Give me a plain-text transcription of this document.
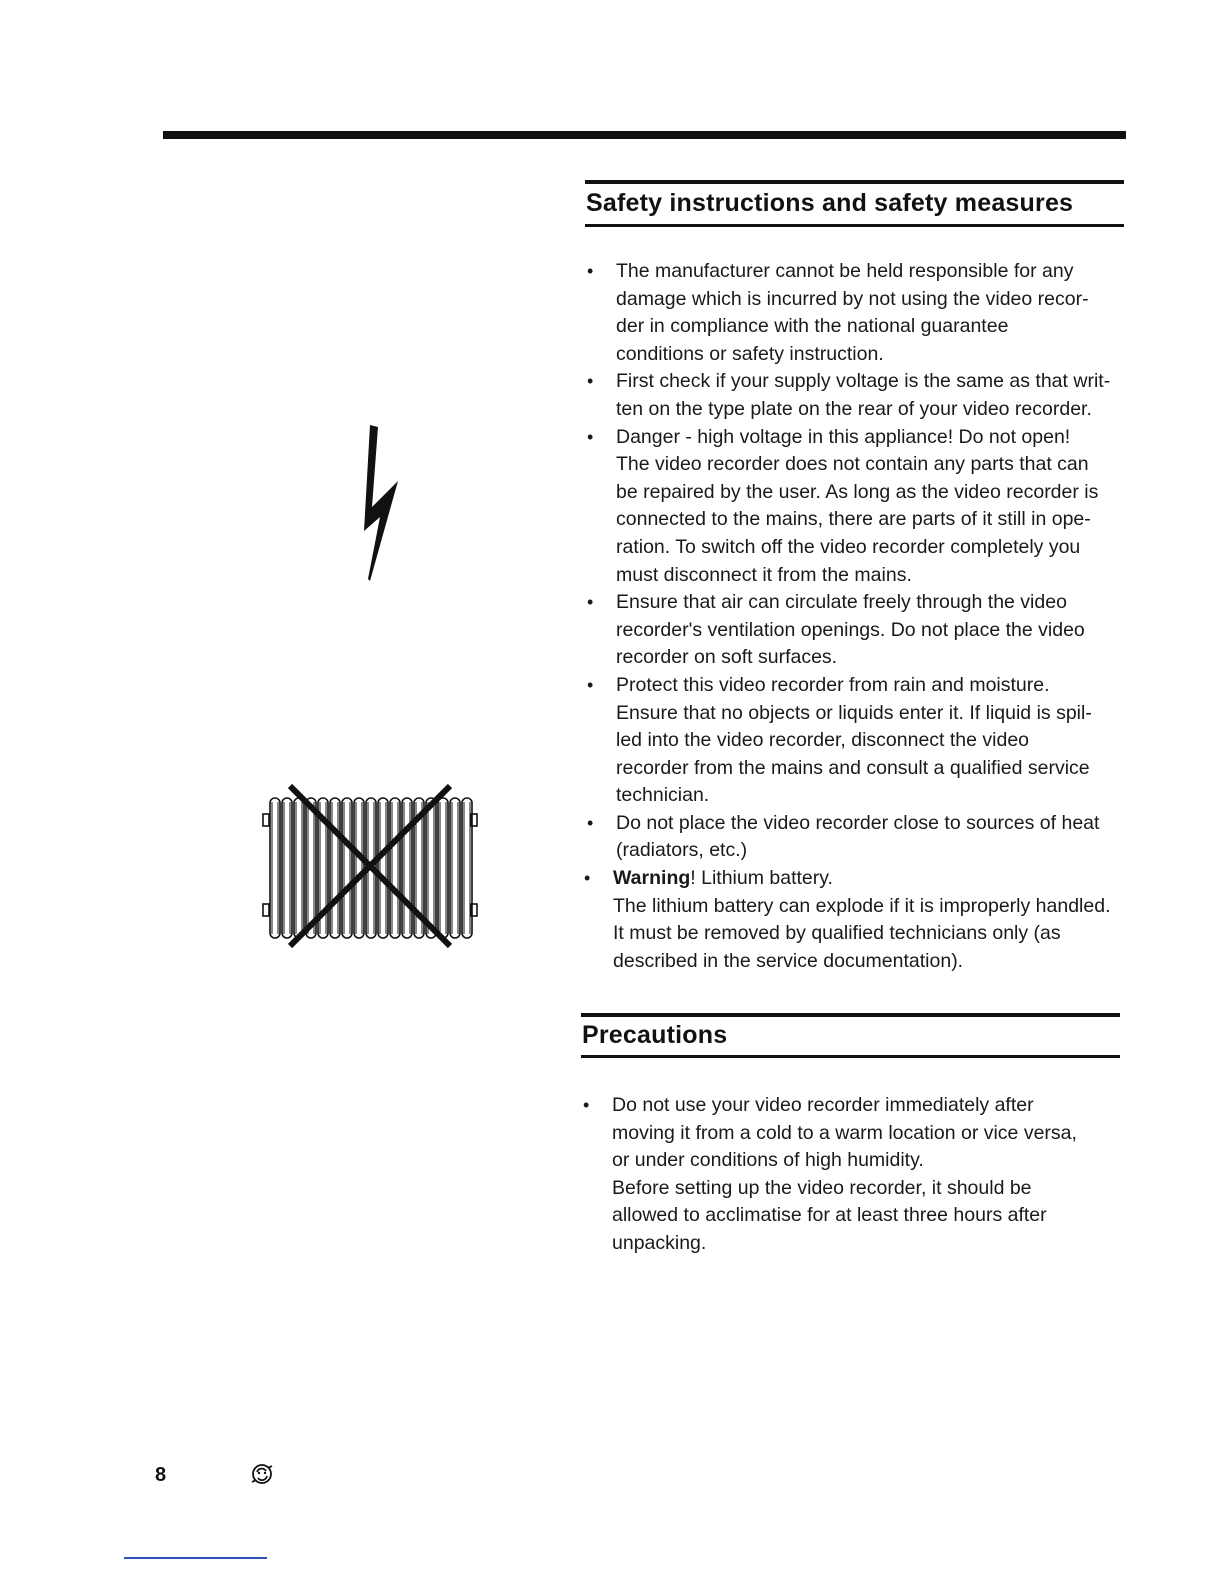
Safety instructions and safety measures
• The manufacturer cannot be held responsible for any

damage which is incurred by not using the video recor-

der in compliance with the national guarantee

conditions or safety instruction.

• First check if your supply voltage is the same as that writ-

ten on the type plate on the rear of your video recorder.

• Danger - high voltage in this appliance! Do not open!

The video recorder does not contain any parts that can

be repaired by the user. As long as the video recorder is

connected to the mains, there are parts of it still in ope-

ration. To switch off the video recorder completely you

must disconnect it from the mains.

• Ensure that air can circulate freely through the video

recorder's ventilation openings. Do not place the video

recorder on soft surfaces.

• Protect this video recorder from rain and moisture.

Ensure that no objects or liquids enter it. If liquid is spil-

led into the video recorder, disconnect the video

recorder from the mains and consult a qualified service

technician.

• Do not place the video recorder close to sources of heat

(radiators, etc.)

• Warning! Lithium battery.

The lithium battery can explode if it is improperly handled.

It must be removed by qualified technicians only (as

described in the service documentation).

Precautions
• Do not use your video recorder immediately after

moving it from a cold to a warm location or vice versa,

or under conditions of high humidity.

Before setting up the video recorder, it should be

allowed to acclimatise for at least three hours after

unpacking.

8
